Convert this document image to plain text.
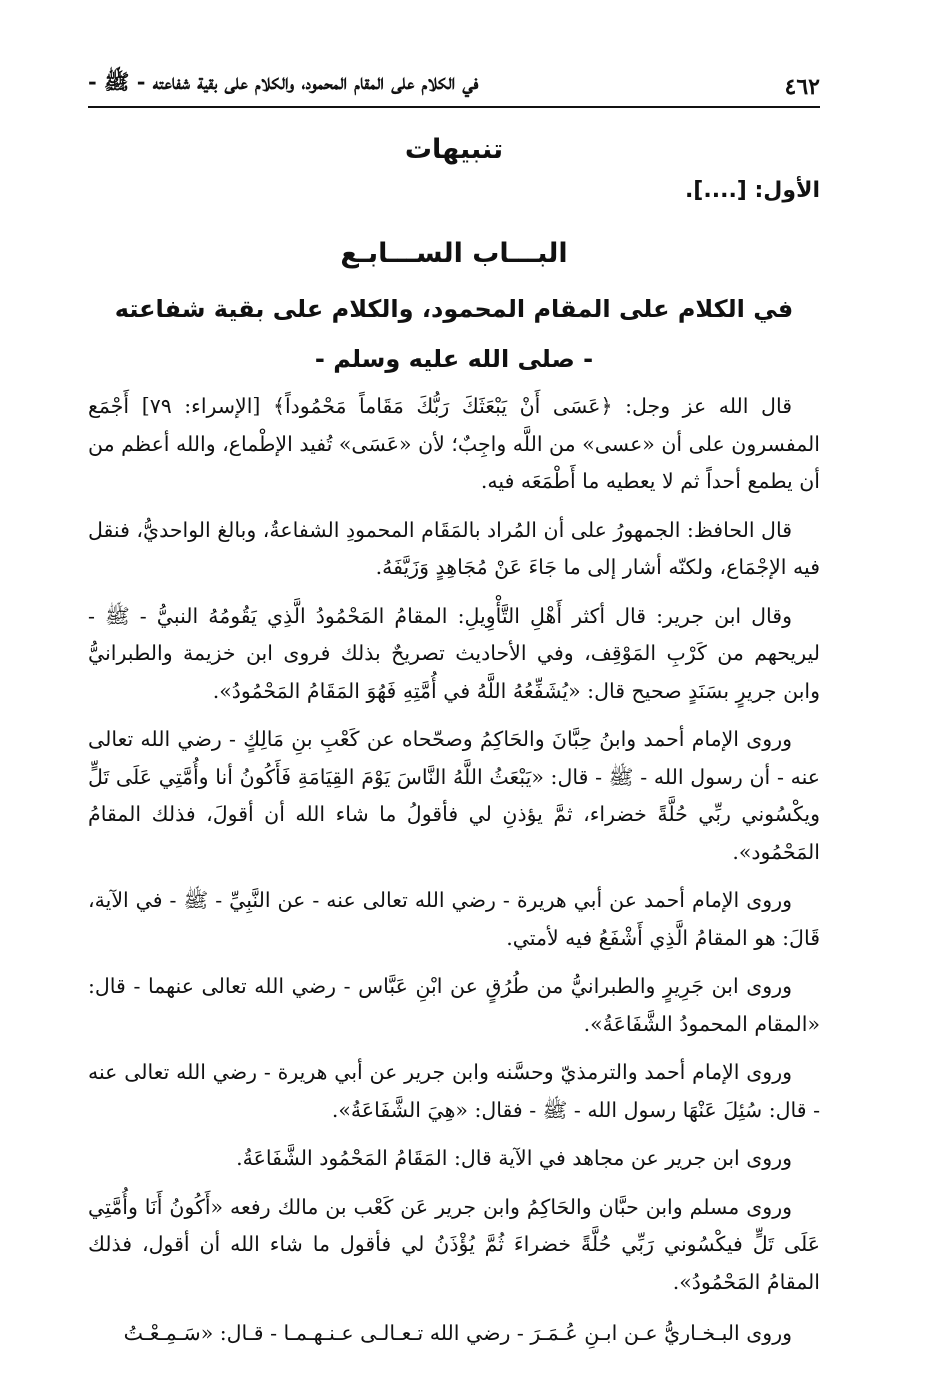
٤٦٢
في الكلام على المقام المحمود، والكلام على بقية شفاعته - ﷺ -
تنبيهات
الأول: [....].
البـــاب الســـابـع
في الكلام على المقام المحمود، والكلام على بقية شفاعته
- صلى الله عليه وسلم -

قال الله عز وجل: ﴿عَسَى أَنْ يَبْعَثَكَ رَبُّكَ مَقَاماً مَحْمُوداً﴾ [الإسراء: ٧٩] أَجْمَع المفسرون على أن «عسى» من اللَّه واجِبٌ؛ لأن «عَسَى» تُفيد الإطْماع، والله أعظم من أن يطمع أحداً ثم لا يعطيه ما أَطْمَعَه فيه.

قال الحافظ: الجمهورُ على أن المُراد بالمَقَام المحمودِ الشفاعةُ، وبالغ الواحديُّ، فنقل فيه الإجْمَاع، ولكنّه أشار إلى ما جَاءَ عَنْ مُجَاهِدٍ وَزَيَّفَهُ.

وقال ابن جرير: قال أكثر أَهْلِ التَّأْوِيلِ: المقامُ المَحْمُودُ الَّذِي يَقُومُهُ النبيُّ - ﷺ - ليريحهم من كَرْبِ المَوْقِف، وفي الأحاديث تصريحٌ بذلك فروى ابن خزيمة والطبرانيُّ وابن جريرٍ بسَنَدٍ صحيح قال: «يُشَفِّعُهُ اللَّهُ في أُمَّتِهِ فَهُوَ المَقَامُ المَحْمُودُ».

وروى الإمام أحمد وابنُ حِبَّانَ والحَاكِمُ وصحّحاه عن كَعْبِ بنِ مَالِكٍ - رضي الله تعالى عنه - أن رسول الله - ﷺ - قال: «يَبْعَثُ اللَّهُ النَّاسَ يَوْمَ القِيَامَةِ فَأَكُونُ أنا وأُمَّتِي عَلَى تَلٍّ ويكْسُوني ربِّي حُلَّةً خضراء، ثمَّ يؤذنِ لي فأقولُ ما شاء الله أن أقولَ، فذلك المقامُ المَحْمُود».

وروى الإمام أحمد عن أبي هريرة - رضي الله تعالى عنه - عن النَّبِيِّ - ﷺ - في الآية، قَالَ: هو المقامُ الَّذِي أَشْفَعُ فيه لأمتي.

وروى ابن جَرِيرٍ والطبرانيُّ من طُرُقٍ عن ابْنِ عَبَّاس - رضي الله تعالى عنهما - قال: «المقام المحمودُ الشَّفَاعَةُ».

وروى الإمام أحمد والترمذيّ وحسَّنه وابن جرير عن أبي هريرة - رضي الله تعالى عنه - قال: سُئِلَ عَنْهَا رسول الله - ﷺ - فقال: «هِيَ الشَّفَاعَةُ».

وروى ابن جرير عن مجاهد في الآية قال: المَقَامُ المَحْمُود الشَّفَاعَةُ.

وروى مسلم وابن حبَّان والحَاكِمُ وابن جرير عَن كَعْب بن مالك رفعه «أَكُونُ أَنَا وأُمَّتِي عَلَى تَلٍّ فيكْسُوني رَبِّي حُلَّةً خضراءَ ثُمَّ يُؤْذَنُ لي فأقول ما شاء الله أن أقول، فذلك المقامُ المَحْمُودُ».

وروى البـخـاريُّ عـن ابـنِ عُـمَـرَ - رضي الله تـعـالـى عـنـهـمـا - قـال: «سَـمِـعْـتُ
